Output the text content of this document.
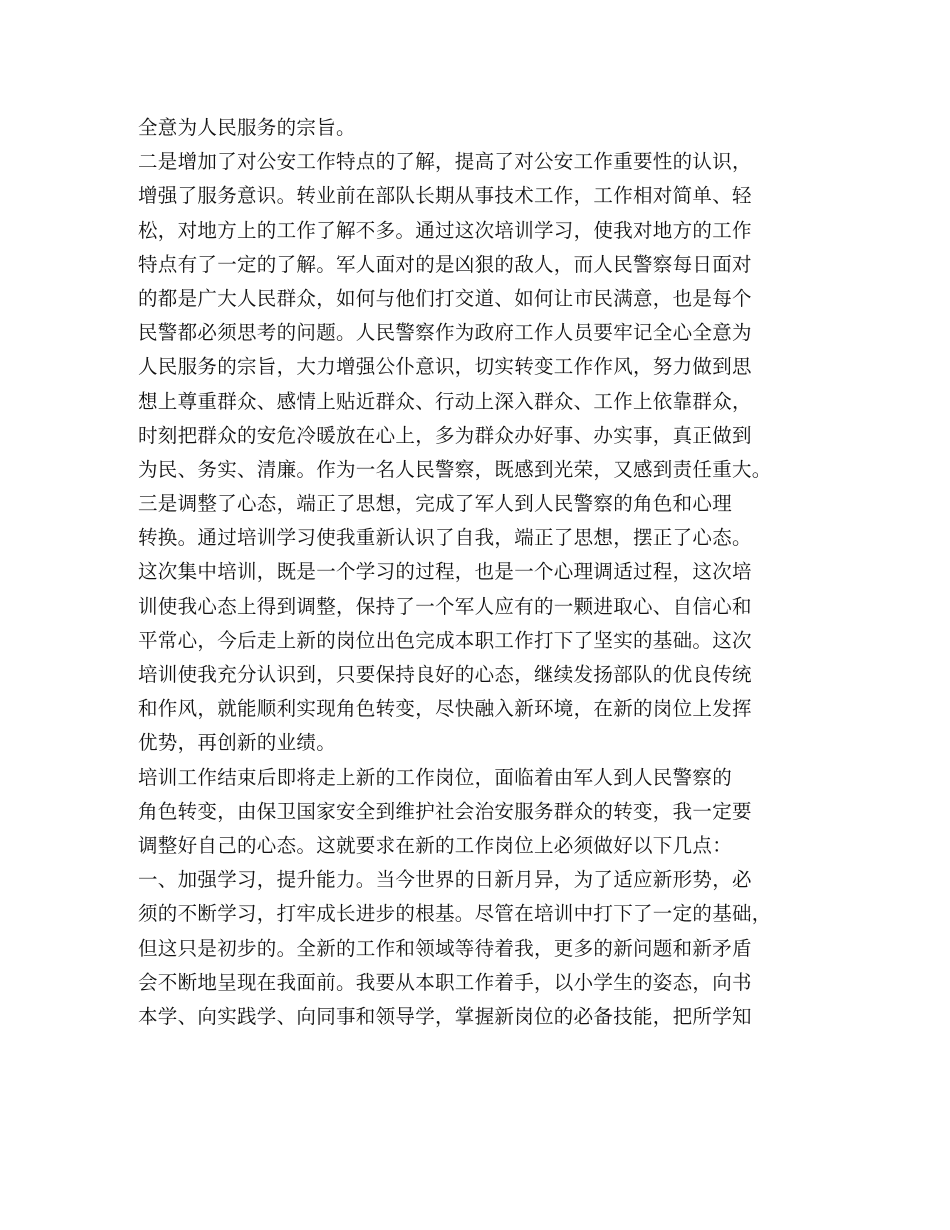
全意为人民服务的宗旨。
二是增加了对公安工作特点的了解，提高了对公安工作重要性的认识，
增强了服务意识。转业前在部队长期从事技术工作，工作相对简单、轻
松，对地方上的工作了解不多。通过这次培训学习，使我对地方的工作
特点有了一定的了解。军人面对的是凶狠的敌人，而人民警察每日面对
的都是广大人民群众，如何与他们打交道、如何让市民满意，也是每个
民警都必须思考的问题。人民警察作为政府工作人员要牢记全心全意为
人民服务的宗旨，大力增强公仆意识，切实转变工作作风，努力做到思
想上尊重群众、感情上贴近群众、行动上深入群众、工作上依靠群众，
时刻把群众的安危冷暖放在心上，多为群众办好事、办实事，真正做到
为民、务实、清廉。作为一名人民警察，既感到光荣，又感到责任重大。
三是调整了心态，端正了思想，完成了军人到人民警察的角色和心理
转换。通过培训学习使我重新认识了自我，端正了思想，摆正了心态。
这次集中培训，既是一个学习的过程，也是一个心理调适过程，这次培
训使我心态上得到调整，保持了一个军人应有的一颗进取心、自信心和
平常心，今后走上新的岗位出色完成本职工作打下了坚实的基础。这次
培训使我充分认识到，只要保持良好的心态，继续发扬部队的优良传统
和作风，就能顺利实现角色转变，尽快融入新环境，在新的岗位上发挥
优势，再创新的业绩。
培训工作结束后即将走上新的工作岗位，面临着由军人到人民警察的
角色转变，由保卫国家安全到维护社会治安服务群众的转变，我一定要
调整好自己的心态。这就要求在新的工作岗位上必须做好以下几点：
一、加强学习，提升能力。当今世界的日新月异，为了适应新形势，必
须的不断学习，打牢成长进步的根基。尽管在培训中打下了一定的基础，
但这只是初步的。全新的工作和领域等待着我，更多的新问题和新矛盾
会不断地呈现在我面前。我要从本职工作着手，以小学生的姿态，向书
本学、向实践学、向同事和领导学，掌握新岗位的必备技能，把所学知
